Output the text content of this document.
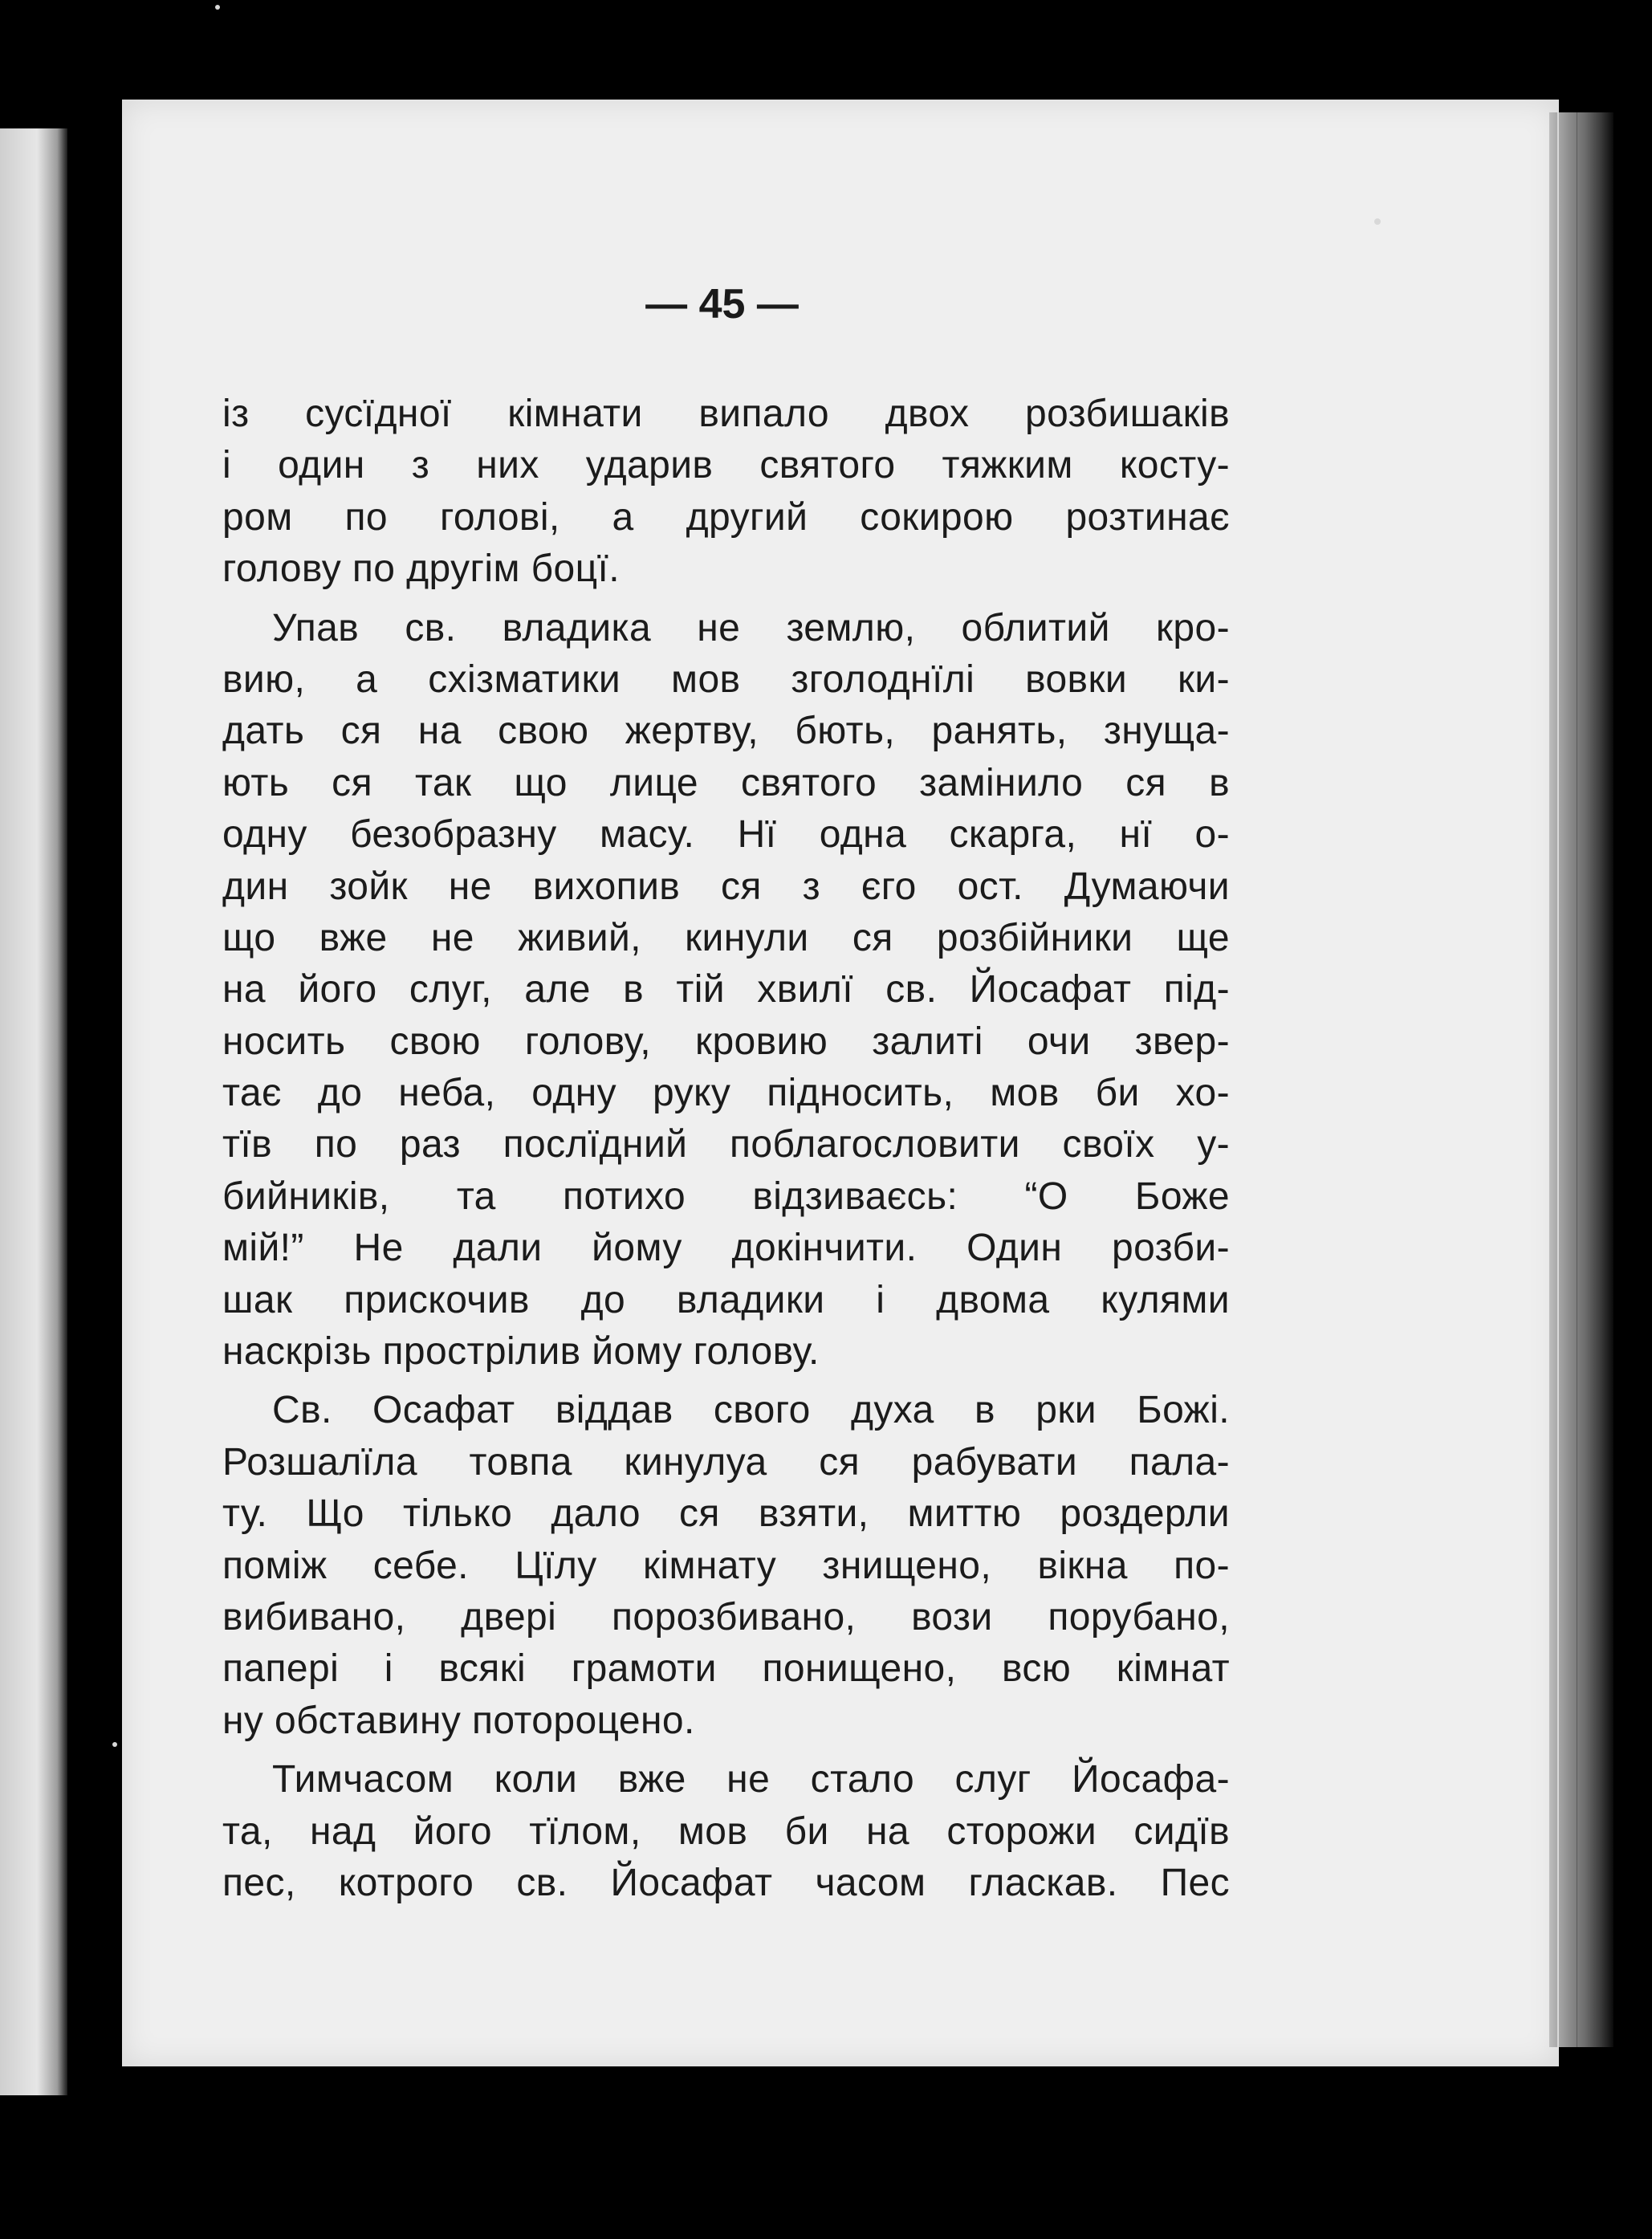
— 45 —
із сусїдної кімнати випало двох розбишаків
і один з них ударив святого тяжким косту-
ром по голові, а другий сокирою розтинає
голову по другім боцї.
Упав св. владика не землю, облитий кро-
вию, а схізматики мов зголоднїлі вовки ки-
дать ся на свою жертву, бють, ранять, знуща-
ють ся так що лице святого замінило ся в
одну безобразну масу. Нї одна скарга, нї о-
дин зойк не вихопив ся з єго ост. Думаючи
що вже не живий, кинули ся розбійники ще
на його слуг, але в тій хвилї св. Йосафат під-
носить свою голову, кровию залиті очи звер-
тає до неба, одну руку підносить, мов би хо-
тїв по раз послїдний поблагословити своїх у-
бийників, та потихо відзиваєсь: “О Боже
мій!” Не дали йому докінчити. Один розби-
шак прискочив до владики і двома кулями
наскрізь прострілив йому голову.
Св. Осафат віддав свого духа в рки Божі.
Розшалїла товпа кинулуа ся рабувати пала-
ту. Що тілько дало ся взяти, миттю роздерли
поміж себе. Цїлу кімнату знищено, вікна по-
вибивано, двері порозбивано, вози порубано,
папері і всякі грамоти понищено, всю кімнат
ну обставину потороцено.
Тимчасом коли вже не стало слуг Йосафа-
та, над його тїлом, мов би на сторожи сидїв
пес, котрого св. Йосафат часом гласкав. Пес
